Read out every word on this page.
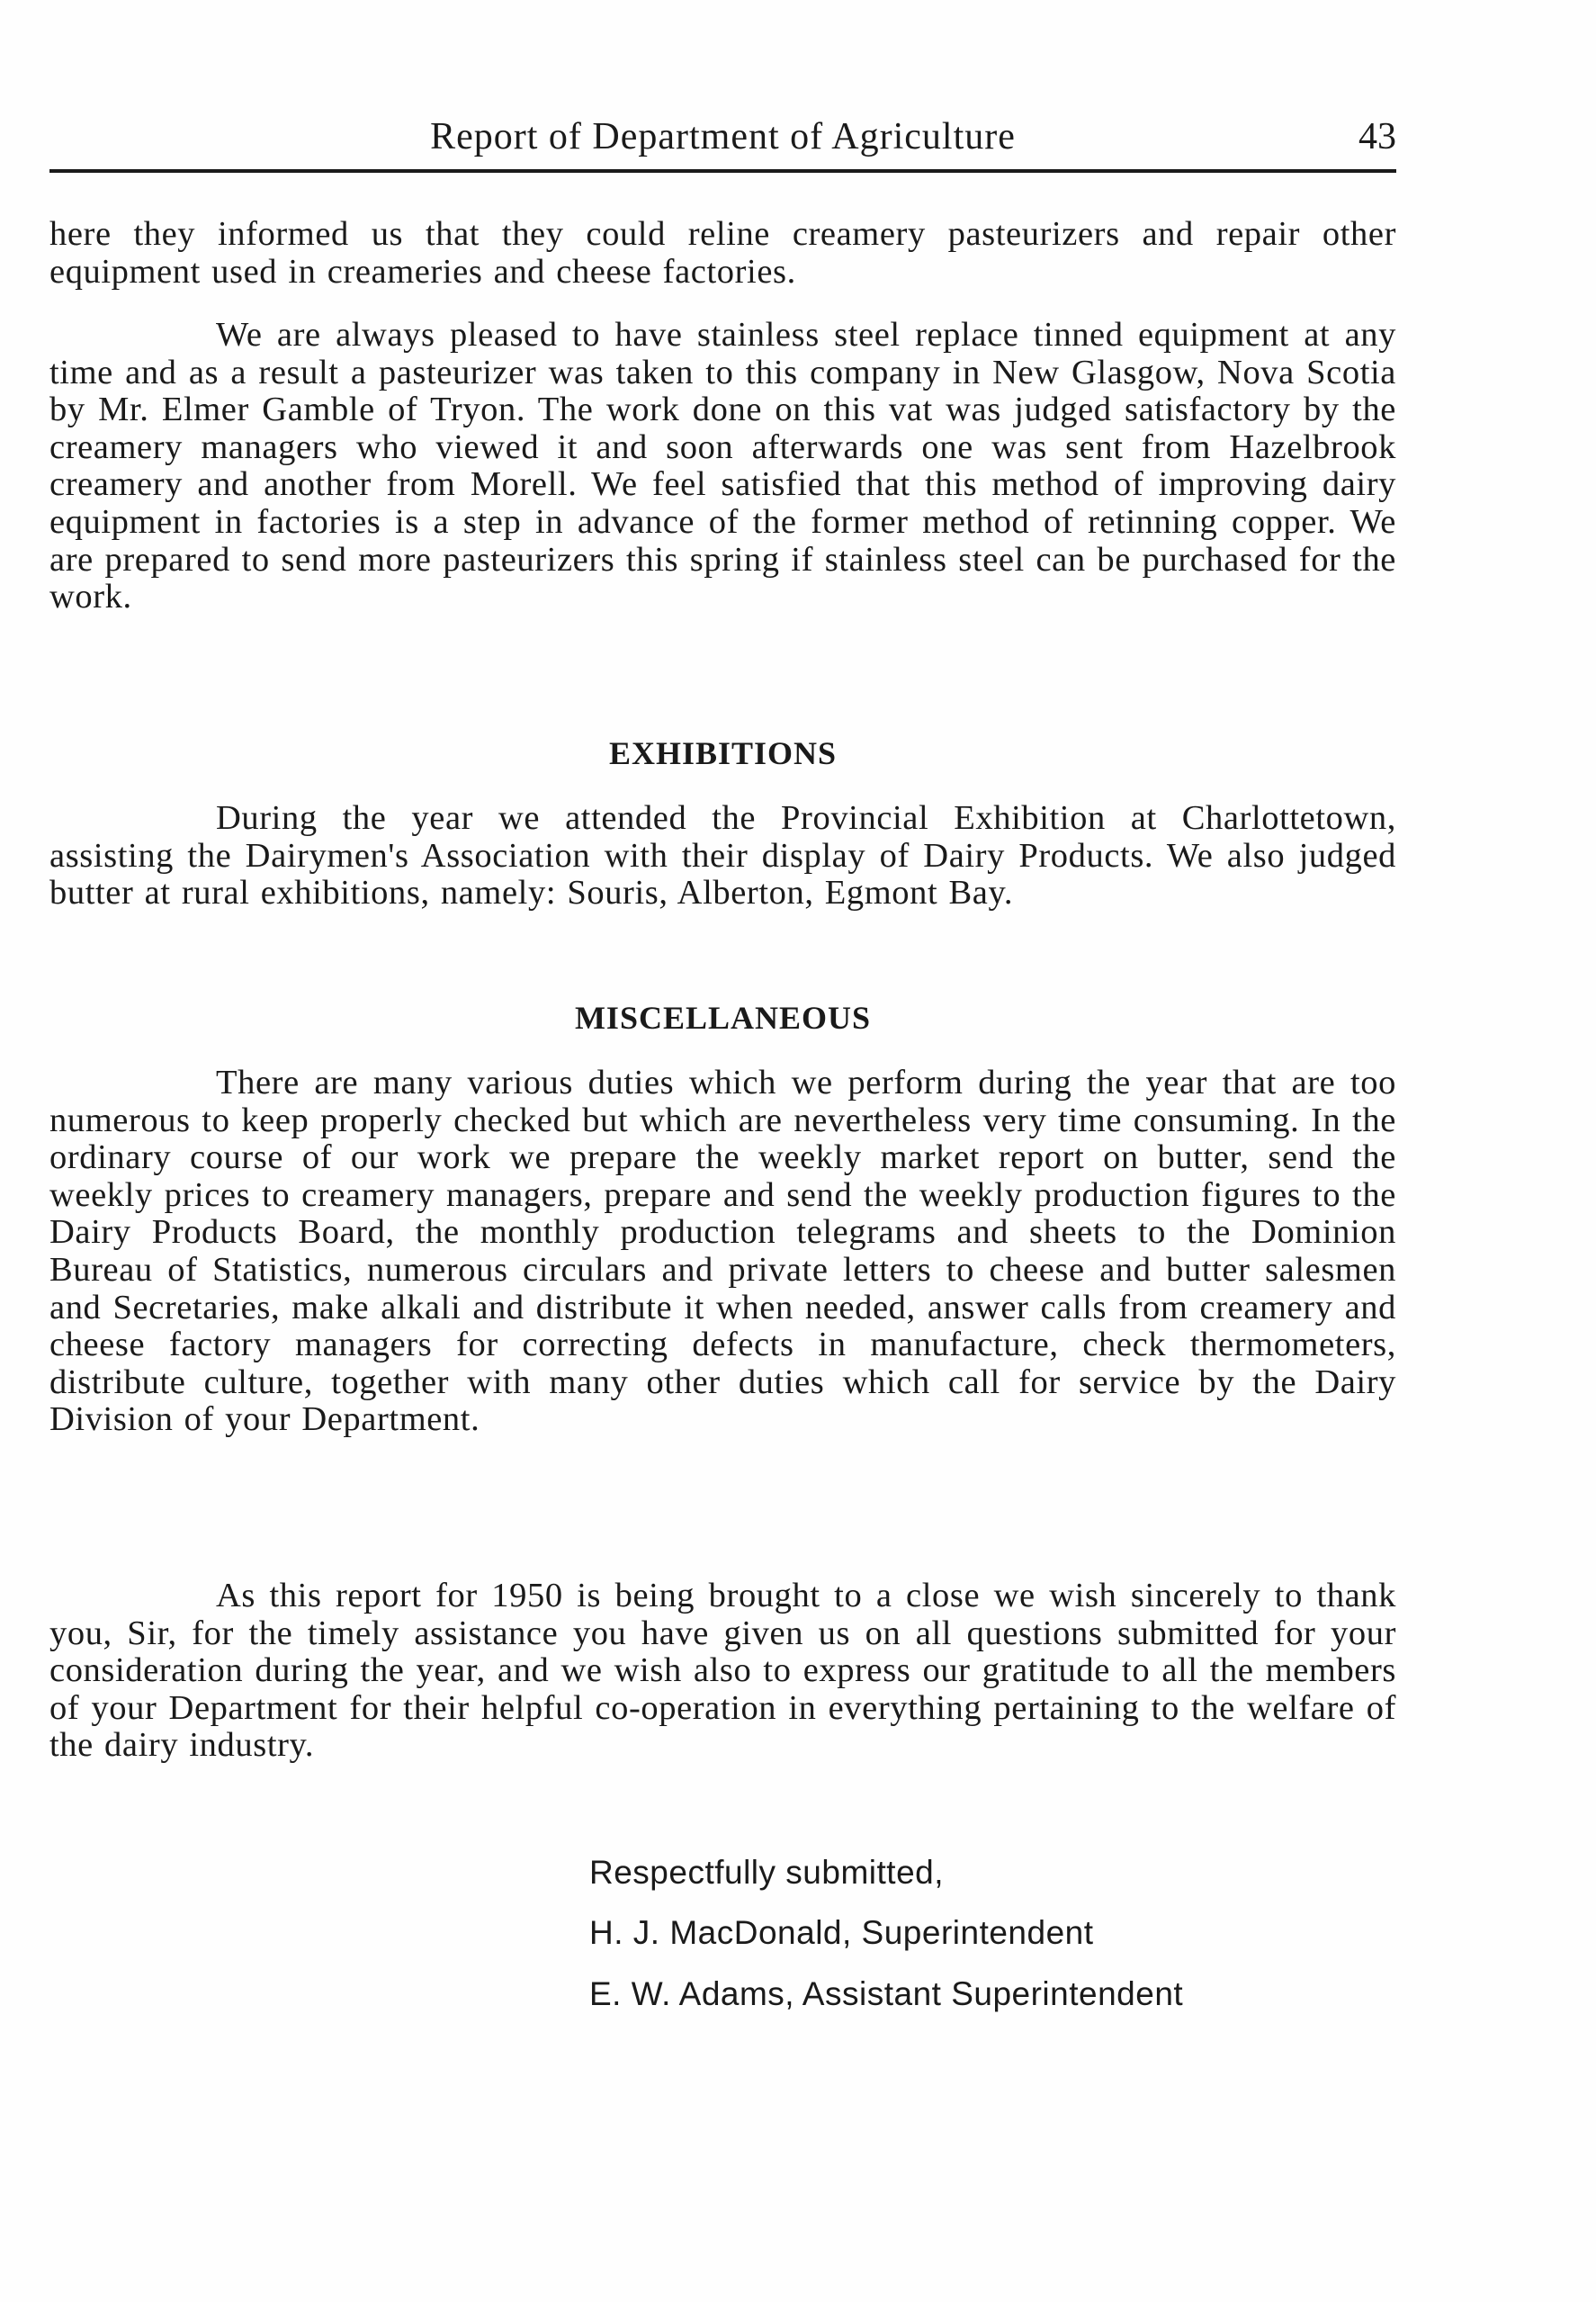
Report of Department of Agriculture	43

here they informed us that they could reline creamery pasteurizers and repair other equipment used in creameries and cheese factories.

We are always pleased to have stainless steel replace tinned equipment at any time and as a result a pasteurizer was taken to this company in New Glasgow, Nova Scotia by Mr. Elmer Gamble of Tryon. The work done on this vat was judged satisfactory by the creamery managers who viewed it and soon afterwards one was sent from Hazelbrook creamery and another from Morell. We feel satisfied that this method of improving dairy equipment in factories is a step in advance of the former method of retinning copper. We are prepared to send more pasteurizers this spring if stainless steel can be purchased for the work.

EXHIBITIONS

During the year we attended the Provincial Exhibition at Charlottetown, assisting the Dairymen's Association with their display of Dairy Products. We also judged butter at rural exhibitions, namely: Souris, Alberton, Egmont Bay.

MISCELLANEOUS

There are many various duties which we perform during the year that are too numerous to keep properly checked but which are nevertheless very time consuming. In the ordinary course of our work we prepare the weekly market report on butter, send the weekly prices to creamery managers, prepare and send the weekly production figures to the Dairy Products Board, the monthly production telegrams and sheets to the Dominion Bureau of Statistics, numerous circulars and private letters to cheese and butter salesmen and Secretaries, make alkali and distribute it when needed, answer calls from creamery and cheese factory managers for correcting defects in manufacture, check thermometers, distribute culture, together with many other duties which call for service by the Dairy Division of your Department.

As this report for 1950 is being brought to a close we wish sincerely to thank you, Sir, for the timely assistance you have given us on all questions submitted for your consideration during the year, and we wish also to express our gratitude to all the members of your Department for their helpful co-operation in everything pertaining to the welfare of the dairy industry.

Respectfully submitted,

H. J. MacDonald, Superintendent

E. W. Adams, Assistant Superintendent
